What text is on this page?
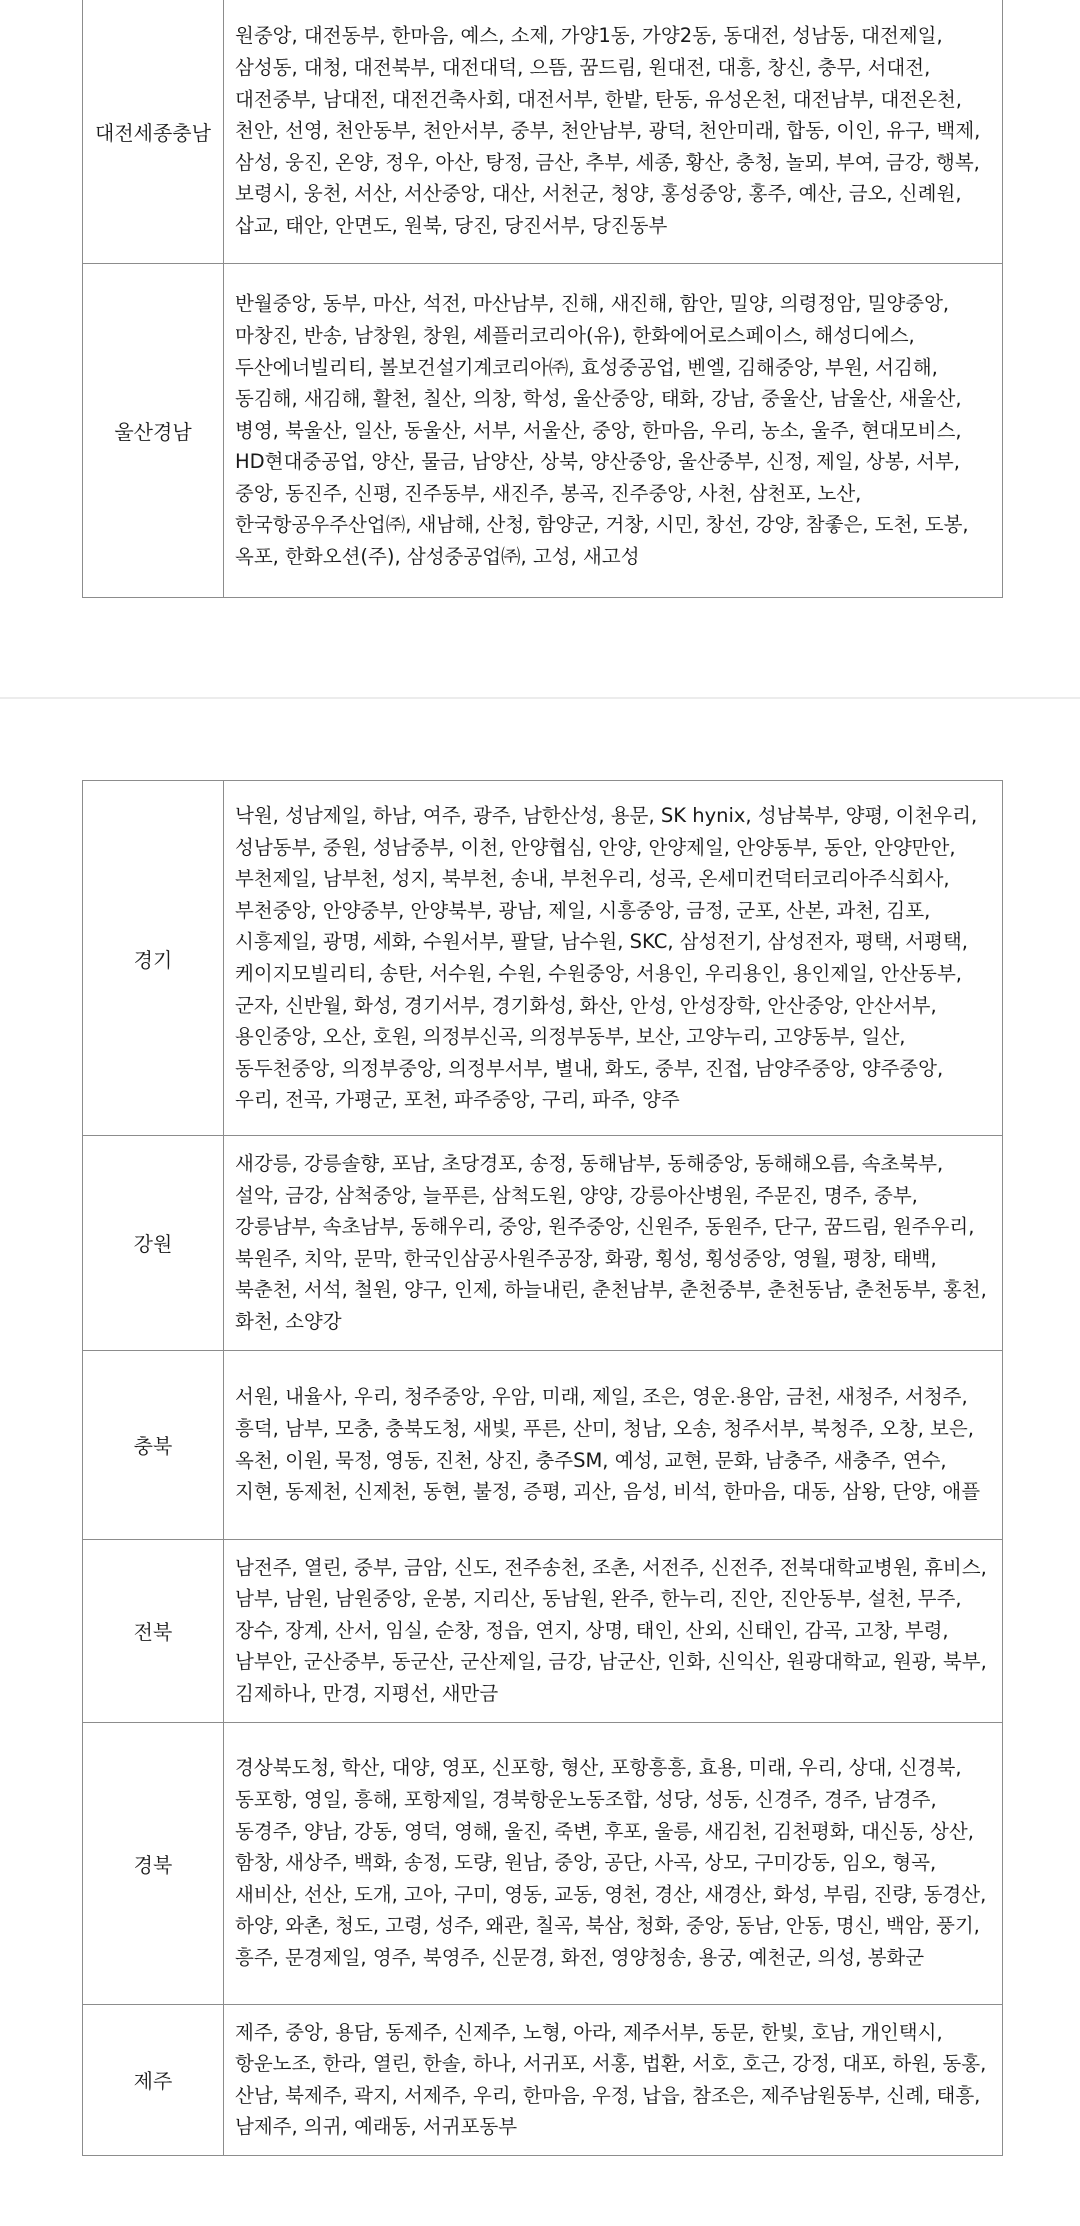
대전세종충남	원중앙, 대전동부, 한마음, 예스, 소제, 가양1동, 가양2동, 동대전, 성남동, 대전제일, 삼성동, 대청, 대전북부, 대전대덕, 으뜸, 꿈드림, 원대전, 대흥, 창신, 충무, 서대전, 대전중부, 남대전, 대전건축사회, 대전서부, 한밭, 탄동, 유성온천, 대전남부, 대전온천, 천안, 선영, 천안동부, 천안서부, 중부, 천안남부, 광덕, 천안미래, 합동, 이인, 유구, 백제, 삼성, 웅진, 온양, 정우, 아산, 탕정, 금산, 추부, 세종, 황산, 충청, 놀뫼, 부여, 금강, 행복, 보령시, 웅천, 서산, 서산중앙, 대산, 서천군, 청양, 홍성중앙, 홍주, 예산, 금오, 신례원, 삽교, 태안, 안면도, 원북, 당진, 당진서부, 당진동부
울산경남	반월중앙, 동부, 마산, 석전, 마산남부, 진해, 새진해, 함안, 밀양, 의령정암, 밀양중앙, 마창진, 반송, 남창원, 창원, 셰플러코리아(유), 한화에어로스페이스, 해성디에스, 두산에너빌리티, 볼보건설기계코리아㈜, 효성중공업, 벤엘, 김해중앙, 부원, 서김해, 동김해, 새김해, 활천, 칠산, 의창, 학성, 울산중앙, 태화, 강남, 중울산, 남울산, 새울산, 병영, 북울산, 일산, 동울산, 서부, 서울산, 중앙, 한마음, 우리, 농소, 울주, 현대모비스, HD현대중공업, 양산, 물금, 남양산, 상북, 양산중앙, 울산중부, 신정, 제일, 상봉, 서부, 중앙, 동진주, 신평, 진주동부, 새진주, 봉곡, 진주중앙, 사천, 삼천포, 노산, 한국항공우주산업㈜, 새남해, 산청, 함양군, 거창, 시민, 창선, 강양, 참좋은, 도천, 도봉, 옥포, 한화오션(주), 삼성중공업㈜, 고성, 새고성
경기	낙원, 성남제일, 하남, 여주, 광주, 남한산성, 용문, SK hynix, 성남북부, 양평, 이천우리, 성남동부, 중원, 성남중부, 이천, 안양협심, 안양, 안양제일, 안양동부, 동안, 안양만안, 부천제일, 남부천, 성지, 북부천, 송내, 부천우리, 성곡, 온세미컨덕터코리아주식회사, 부천중앙, 안양중부, 안양북부, 광남, 제일, 시흥중앙, 금정, 군포, 산본, 과천, 김포, 시흥제일, 광명, 세화, 수원서부, 팔달, 남수원, SKC, 삼성전기, 삼성전자, 평택, 서평택, 케이지모빌리티, 송탄, 서수원, 수원, 수원중앙, 서용인, 우리용인, 용인제일, 안산동부, 군자, 신반월, 화성, 경기서부, 경기화성, 화산, 안성, 안성장학, 안산중앙, 안산서부, 용인중앙, 오산, 호원, 의정부신곡, 의정부동부, 보산, 고양누리, 고양동부, 일산, 동두천중앙, 의정부중앙, 의정부서부, 별내, 화도, 중부, 진접, 남양주중앙, 양주중앙, 우리, 전곡, 가평군, 포천, 파주중앙, 구리, 파주, 양주
강원	새강릉, 강릉솔향, 포남, 초당경포, 송정, 동해남부, 동해중앙, 동해해오름, 속초북부, 설악, 금강, 삼척중앙, 늘푸른, 삼척도원, 양양, 강릉아산병원, 주문진, 명주, 중부, 강릉남부, 속초남부, 동해우리, 중앙, 원주중앙, 신원주, 동원주, 단구, 꿈드림, 원주우리, 북원주, 치악, 문막, 한국인삼공사원주공장, 화광, 횡성, 횡성중앙, 영월, 평창, 태백, 북춘천, 서석, 철원, 양구, 인제, 하늘내린, 춘천남부, 춘천중부, 춘천동남, 춘천동부, 홍천, 화천, 소양강
충북	서원, 내율사, 우리, 청주중앙, 우암, 미래, 제일, 조은, 영운.용암, 금천, 새청주, 서청주, 흥덕, 남부, 모충, 충북도청, 새빛, 푸른, 산미, 청남, 오송, 청주서부, 북청주, 오창, 보은, 옥천, 이원, 묵정, 영동, 진천, 상진, 충주SM, 예성, 교현, 문화, 남충주, 새충주, 연수, 지현, 동제천, 신제천, 동현, 불정, 증평, 괴산, 음성, 비석, 한마음, 대동, 삼왕, 단양, 애플
전북	남전주, 열린, 중부, 금암, 신도, 전주송천, 조촌, 서전주, 신전주, 전북대학교병원, 휴비스, 남부, 남원, 남원중앙, 운봉, 지리산, 동남원, 완주, 한누리, 진안, 진안동부, 설천, 무주, 장수, 장계, 산서, 임실, 순창, 정읍, 연지, 상명, 태인, 산외, 신태인, 감곡, 고창, 부령, 남부안, 군산중부, 동군산, 군산제일, 금강, 남군산, 인화, 신익산, 원광대학교, 원광, 북부, 김제하나, 만경, 지평선, 새만금
경북	경상북도청, 학산, 대양, 영포, 신포항, 형산, 포항흥흥, 효용, 미래, 우리, 상대, 신경북, 동포항, 영일, 흥해, 포항제일, 경북항운노동조합, 성당, 성동, 신경주, 경주, 남경주, 동경주, 양남, 강동, 영덕, 영해, 울진, 죽변, 후포, 울릉, 새김천, 김천평화, 대신동, 상산, 함창, 새상주, 백화, 송정, 도량, 원남, 중앙, 공단, 사곡, 상모, 구미강동, 임오, 형곡, 새비산, 선산, 도개, 고아, 구미, 영동, 교동, 영천, 경산, 새경산, 화성, 부림, 진량, 동경산, 하양, 와촌, 청도, 고령, 성주, 왜관, 칠곡, 북삼, 청화, 중앙, 동남, 안동, 명신, 백암, 풍기, 흥주, 문경제일, 영주, 북영주, 신문경, 화전, 영양청송, 용궁, 예천군, 의성, 봉화군
제주	제주, 중앙, 용담, 동제주, 신제주, 노형, 아라, 제주서부, 동문, 한빛, 호남, 개인택시, 항운노조, 한라, 열린, 한솔, 하나, 서귀포, 서홍, 법환, 서호, 호근, 강정, 대포, 하원, 동홍, 산남, 북제주, 곽지, 서제주, 우리, 한마음, 우정, 납읍, 참조은, 제주남원동부, 신례, 태흥, 남제주, 의귀, 예래동, 서귀포동부
